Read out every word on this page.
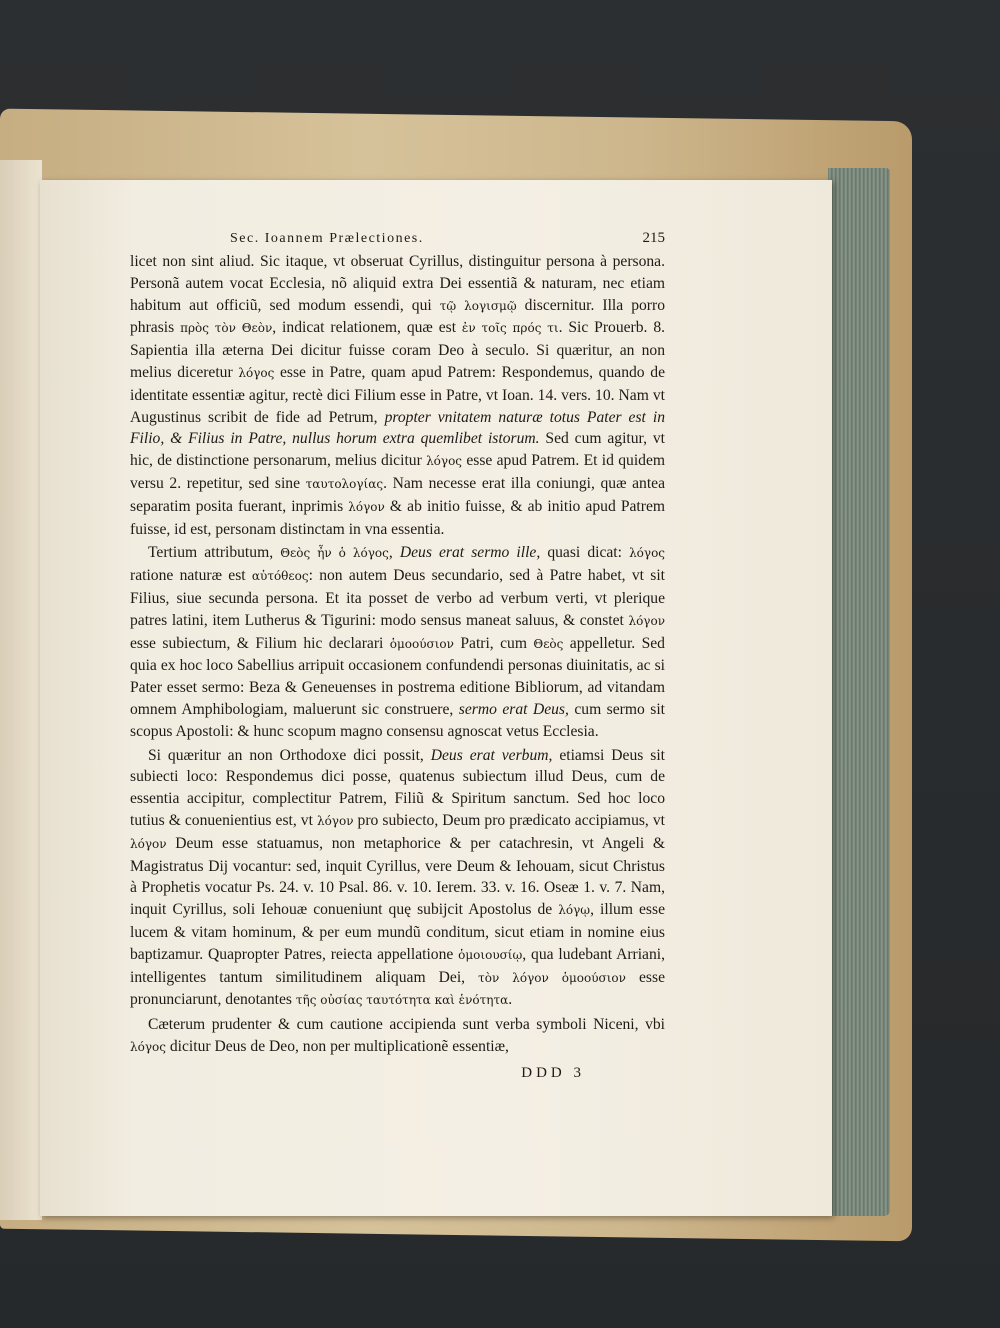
Sec. Ioannem Prælectiones.	215

licet non sint aliud. Sic itaque, vt obseruat Cyrillus, distinguitur persona à persona. Personã autem vocat Ecclesia, nõ aliquid extra Dei essentiã & naturam, nec etiam habitum aut officiũ, sed modum essendi, qui τῷ λογισμῷ discernitur. Illa porro phrasis πρὸς τὸν Θεὸν, indicat relationem, quæ est ἐν τοῖς πρός τι. Sic Prouerb. 8. Sapientia illa æterna Dei dicitur fuisse coram Deo à seculo. Si quæritur, an non melius diceretur λόγος esse in Patre, quam apud Patrem: Respondemus, quando de identitate essentiæ agitur, rectè dici Filium esse in Patre, vt Ioan. 14. vers. 10. Nam vt Augustinus scribit de fide ad Petrum, propter vnitatem naturæ totus Pater est in Filio, & Filius in Patre, nullus horum extra quemlibet istorum. Sed cum agitur, vt hic, de distinctione personarum, melius dicitur λόγος esse apud Patrem. Et id quidem versu 2. repetitur, sed sine ταυτολογίας. Nam necesse erat illa coniungi, quæ antea separatim posita fuerant, inprimis λόγον & ab initio fuisse, & ab initio apud Patrem fuisse, id est, personam distinctam in vna essentia.

Tertium attributum, Θεὸς ἦν ὁ λόγος, Deus erat sermo ille, quasi dicat: λόγος ratione naturæ est αὐτόθεος: non autem Deus secundario, sed à Patre habet, vt sit Filius, siue secunda persona. Et ita posset de verbo ad verbum verti, vt plerique patres latini, item Lutherus & Tigurini: modo sensus maneat saluus, & constet λόγον esse subiectum, & Filium hic declarari ὁμοούσιον Patri, cum Θεὸς appelletur. Sed quia ex hoc loco Sabellius arripuit occasionem confundendi personas diuinitatis, ac si Pater esset sermo: Beza & Geneuenses in postrema editione Bibliorum, ad vitandam omnem Amphibologiam, maluerunt sic construere, sermo erat Deus, cum sermo sit scopus Apostoli: & hunc scopum magno consensu agnoscat vetus Ecclesia.

Si quæritur an non Orthodoxe dici possit, Deus erat verbum, etiamsi Deus sit subiecti loco: Respondemus dici posse, quatenus subiectum illud Deus, cum de essentia accipitur, complectitur Patrem, Filiũ & Spiritum sanctum. Sed hoc loco tutius & conuenientius est, vt λόγον pro subiecto, Deum pro prædicato accipiamus, vt λόγον Deum esse statuamus, non metaphorice & per catachresin, vt Angeli & Magistratus Dij vocantur: sed, inquit Cyrillus, vere Deum & Iehouam, sicut Christus à Prophetis vocatur Ps. 24. v. 10 Psal. 86. v. 10. Ierem. 33. v. 16. Oseæ 1. v. 7. Nam, inquit Cyrillus, soli Iehouæ conueniunt quę subijcit Apostolus de λόγῳ, illum esse lucem & vitam hominum, & per eum mundũ conditum, sicut etiam in nomine eius baptizamur. Quapropter Patres, reiecta appellatione ὁμοιουσίῳ, qua ludebant Arriani, intelligentes tantum similitudinem aliquam Dei, τὸν λόγον ὁμοούσιον esse pronunciarunt, denotantes τῆς οὐσίας ταυτότητα καὶ ἑνότητα.

Cæterum prudenter & cum cautione accipienda sunt verba symboli Niceni, vbi λόγος dicitur Deus de Deo, non per multiplicationẽ essentiæ,

DDD 3
